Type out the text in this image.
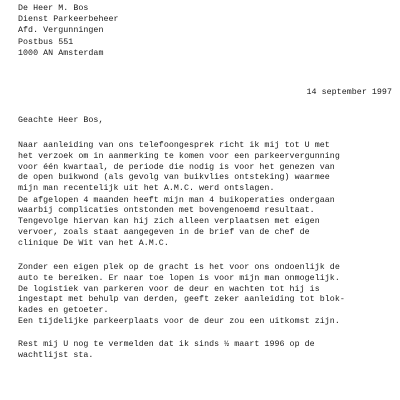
De Heer M. Bos
Dienst Parkeerbeheer
Afd. Vergunningen
Postbus 551
1000 AN Amsterdam
14 september 1997
Geachte Heer Bos,
Naar aanleiding van ons telefoongesprek richt ik mij tot U met
het verzoek om in aanmerking te komen voor een parkeervergunning
voor één kwartaal, de periode die nodig is voor het genezen van
de open buikwond (als gevolg van buikvlies ontsteking) waarmee
mijn man recentelijk uit het A.M.C. werd ontslagen.
De afgelopen 4 maanden heeft mijn man 4 buikoperaties ondergaan
waarbij complicaties ontstonden met bovengenoemd resultaat.
Tengevolge hiervan kan hij zich alleen verplaatsen met eigen
vervoer, zoals staat aangegeven in de brief van de chef de
clinique De Wit van het A.M.C.
Zonder een eigen plek op de gracht is het voor ons ondoenlijk de
auto te bereiken. Er naar toe lopen is voor mijn man onmogelijk.
De logistiek van parkeren voor de deur en wachten tot hij is
ingestapt met behulp van derden, geeft zeker aanleiding tot blok-
kades en getoeter.
Een tijdelijke parkeerplaats voor de deur zou een uitkomst zijn.
Rest mij U nog te vermelden dat ik sinds ½ maart 1996 op de
wachtlijst sta.
